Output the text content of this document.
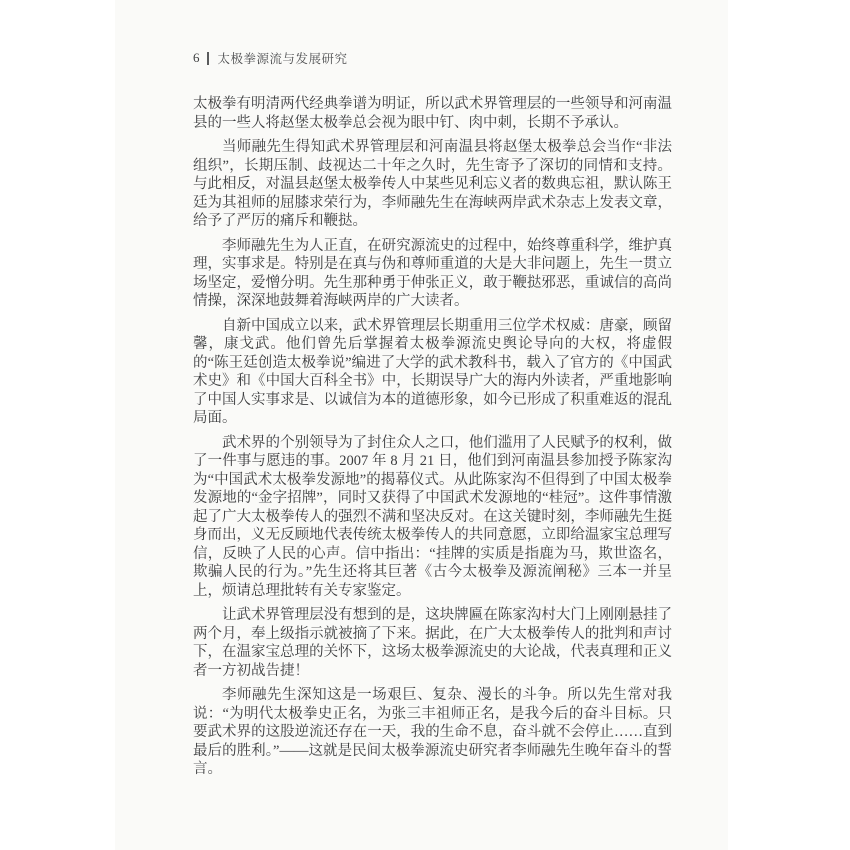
6 太极拳源流与发展研究

太极拳有明清两代经典拳谱为明证，所以武术界管理层的一些领导和河南温县的一些人将赵堡太极拳总会视为眼中钉、肉中刺，长期不予承认。

当师融先生得知武术界管理层和河南温县将赵堡太极拳总会当作“非法组织”，长期压制、歧视达二十年之久时，先生寄予了深切的同情和支持。与此相反，对温县赵堡太极拳传人中某些见利忘义者的数典忘祖，默认陈王廷为其祖师的屈膝求荣行为，李师融先生在海峡两岸武术杂志上发表文章，给予了严厉的痛斥和鞭挞。

李师融先生为人正直，在研究源流史的过程中，始终尊重科学，维护真理，实事求是。特别是在真与伪和尊师重道的大是大非问题上，先生一贯立场坚定，爱憎分明。先生那种勇于伸张正义，敢于鞭挞邪恶，重诚信的高尚情操，深深地鼓舞着海峡两岸的广大读者。

自新中国成立以来，武术界管理层长期重用三位学术权威：唐豪，顾留馨，康戈武。他们曾先后掌握着太极拳源流史舆论导向的大权，将虚假的“陈王廷创造太极拳说”编进了大学的武术教科书，载入了官方的《中国武术史》和《中国大百科全书》中，长期误导广大的海内外读者，严重地影响了中国人实事求是、以诚信为本的道德形象，如今已形成了积重难返的混乱局面。

武术界的个别领导为了封住众人之口，他们滥用了人民赋予的权利，做了一件事与愿违的事。2007 年 8 月 21 日，他们到河南温县参加授予陈家沟为“中国武术太极拳发源地”的揭幕仪式。从此陈家沟不但得到了中国太极拳发源地的“金字招牌”，同时又获得了中国武术发源地的“桂冠”。这件事情激起了广大太极拳传人的强烈不满和坚决反对。在这关键时刻，李师融先生挺身而出，义无反顾地代表传统太极拳传人的共同意愿，立即给温家宝总理写信，反映了人民的心声。信中指出：“挂牌的实质是指鹿为马，欺世盗名，欺骗人民的行为。”先生还将其巨著《古今太极拳及源流阐秘》三本一并呈上，烦请总理批转有关专家鉴定。

让武术界管理层没有想到的是，这块牌匾在陈家沟村大门上刚刚悬挂了两个月，奉上级指示就被摘了下来。据此，在广大太极拳传人的批判和声讨下，在温家宝总理的关怀下，这场太极拳源流史的大论战，代表真理和正义者一方初战告捷！

李师融先生深知这是一场艰巨、复杂、漫长的斗争。所以先生常对我说：“为明代太极拳史正名，为张三丰祖师正名，是我今后的奋斗目标。只要武术界的这股逆流还存在一天，我的生命不息，奋斗就不会停止……直到最后的胜利。”——这就是民间太极拳源流史研究者李师融先生晚年奋斗的誓言。
